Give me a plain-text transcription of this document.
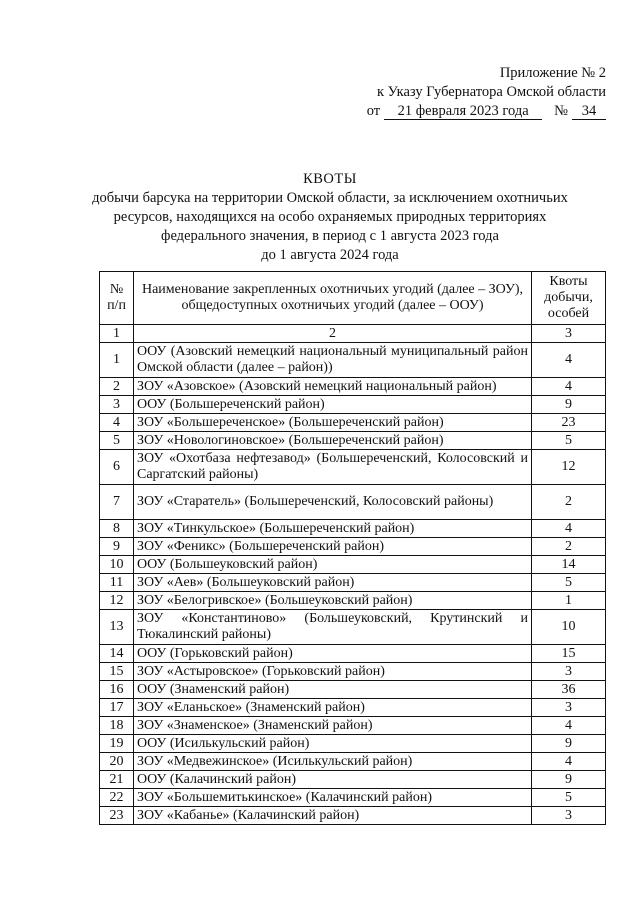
Приложение № 2
к Указу Губернатора Омской области
от 21 февраля 2023 года № 34
КВОТЫ
добычи барсука на территории Омской области, за исключением охотничьих
ресурсов, находящихся на особо охраняемых природных территориях
федерального значения, в период с 1 августа 2023 года
до 1 августа 2024 года
№ п/п	Наименование закрепленных охотничьих угодий (далее – ЗОУ), общедоступных охотничьих угодий (далее – ООУ)	Квоты добычи, особей
1	2	3
1	ООУ (Азовский немецкий национальный муниципальный район Омской области (далее – район))	4
2	ЗОУ «Азовское» (Азовский немецкий национальный район)	4
3	ООУ (Большереченский район)	9
4	ЗОУ «Большереченское» (Большереченский район)	23
5	ЗОУ «Новологиновское» (Большереченский район)	5
6	ЗОУ «Охотбаза нефтезавод» (Большереченский, Колосовский и Саргатский районы)	12
7	ЗОУ «Старатель» (Большереченский, Колосовский районы)	2
8	ЗОУ «Тинкульское» (Большереченский район)	4
9	ЗОУ «Феникс» (Большереченский район)	2
10	ООУ (Большеуковский район)	14
11	ЗОУ «Аев» (Большеуковский район)	5
12	ЗОУ «Белогривское» (Большеуковский район)	1
13	ЗОУ «Константиново» (Большеуковский, Крутинский и Тюкалинский районы)	10
14	ООУ (Горьковский район)	15
15	ЗОУ «Астыровское» (Горьковский район)	3
16	ООУ (Знаменский район)	36
17	ЗОУ «Еланьское» (Знаменский район)	3
18	ЗОУ «Знаменское» (Знаменский район)	4
19	ООУ (Исилькульский район)	9
20	ЗОУ «Медвежинское» (Исилькульский район)	4
21	ООУ (Калачинский район)	9
22	ЗОУ «Большемитькинское» (Калачинский район)	5
23	ЗОУ «Кабанье» (Калачинский район)	3
